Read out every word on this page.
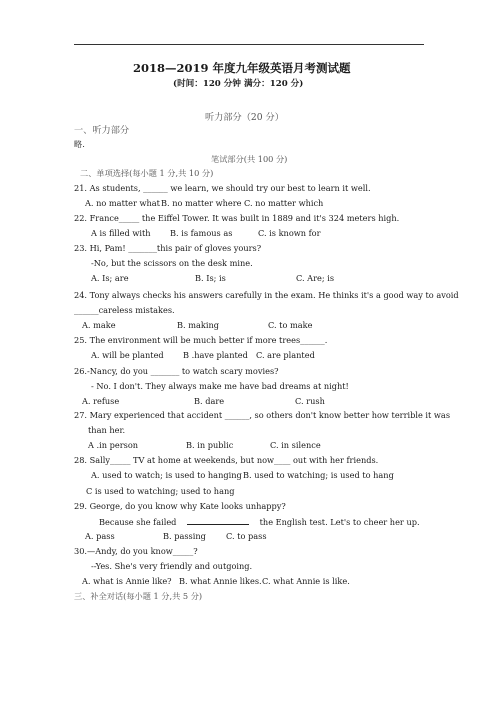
2018—2019 年度九年级英语月考测试题
(时间：120 分钟 满分：120 分)
听力部分（20 分）
一、听力部分
略.
笔试部分(共 100 分)
二、单项选择(每小题 1 分,共 10 分)
21. As students, ______ we learn, we should try our best to learn it well.
A. no matter what B. no matter where C. no matter which
22. France_____ the Eiffel Tower. It was built in 1889 and it's 324 meters high.
A is filled with B. is famous as	C. is known for
23. Hi, Pam! _______this pair of gloves yours?
-No, but the scissors on the desk mine.
A. Is; are	B. Is; is	C. Are; is
24. Tony always checks his answers carefully in the exam. He thinks it's a good way to avoid
______careless mistakes.
A. make	B. making	C. to make
25. The environment will be much better if more trees______.
A. will be planted B .have planted C. are planted
26.-Nancy, do you _______ to watch scary movies?
- No. I don't. They always make me have bad dreams at night!
A. refuse	B. dare	C. rush
27. Mary experienced that accident ______, so others don't know better how terrible it was
than her.
A .in person	B. in public	C. in silence
28. Sally_____ TV at home at weekends, but now____ out with her friends.
A. used to watch; is used to hanging B. used to watching; is used to hang
C is used to watching; used to hang
29. George, do you know why Kate looks unhappy?
Because she failed	the English test. Let's to cheer her up.
A. pass	B. passing C. to pass
30.—Andy, do you know_____?
--Yes. She's very friendly and outgoing.
A. what is Annie like? B. what Annie likes. C. what Annie is like.
三、补全对话(每小题 1 分,共 5 分)
